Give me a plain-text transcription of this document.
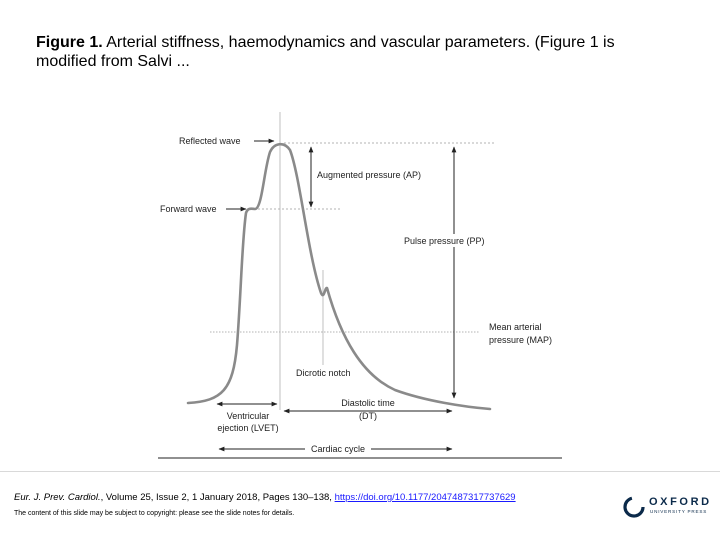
Figure 1. Arterial stiffness, haemodynamics and vascular parameters. (Figure 1 is modified from Salvi ...
Reflected wave
Forward wave
Augmented pressure (AP)
Pulse pressure (PP)
Mean arterial
pressure (MAP)
Dicrotic notch
Ventricular
ejection (LVET)
Diastolic time
(DT)
Cardiac cycle
Eur. J. Prev. Cardiol., Volume 25, Issue 2, 1 January 2018, Pages 130–138, https://doi.org/10.1177/2047487317737629
The content of this slide may be subject to copyright: please see the slide notes for details.
OXFORD
UNIVERSITY PRESS
